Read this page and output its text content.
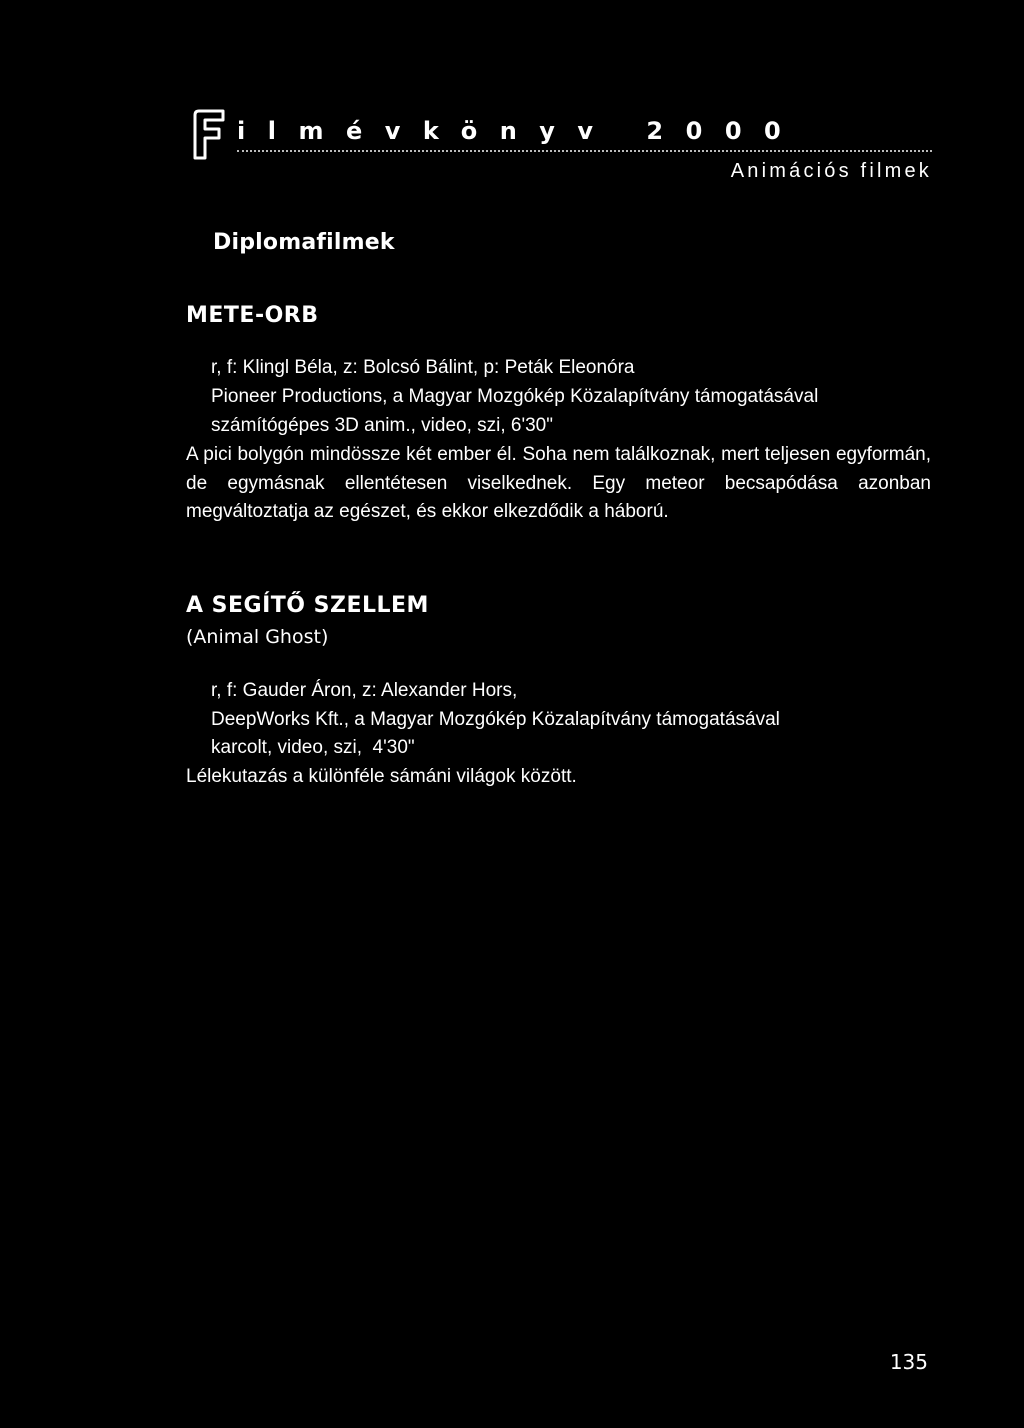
ilmévkönyv 2000
Animációs filmek
Diplomafilmek
METE-ORB
r, f: Klingl Béla, z: Bolcsó Bálint, p: Peták Eleonóra
Pioneer Productions, a Magyar Mozgókép Közalapítvány támogatásával
számítógépes 3D anim., video, szi, 6'30"
A pici bolygón mindössze két ember él. Soha nem találkoznak, mert teljesen egyformán, de egymásnak ellentétesen viselkednek. Egy meteor becsapódása azonban megváltoztatja az egészet, és ekkor elkezdődik a háború.
A SEGÍTŐ SZELLEM
(Animal Ghost)
r, f: Gauder Áron, z: Alexander Hors,
DeepWorks Kft., a Magyar Mozgókép Közalapítvány támogatásával
karcolt, video, szi,  4'30"
Lélekutazás a különféle sámáni világok között.
135
